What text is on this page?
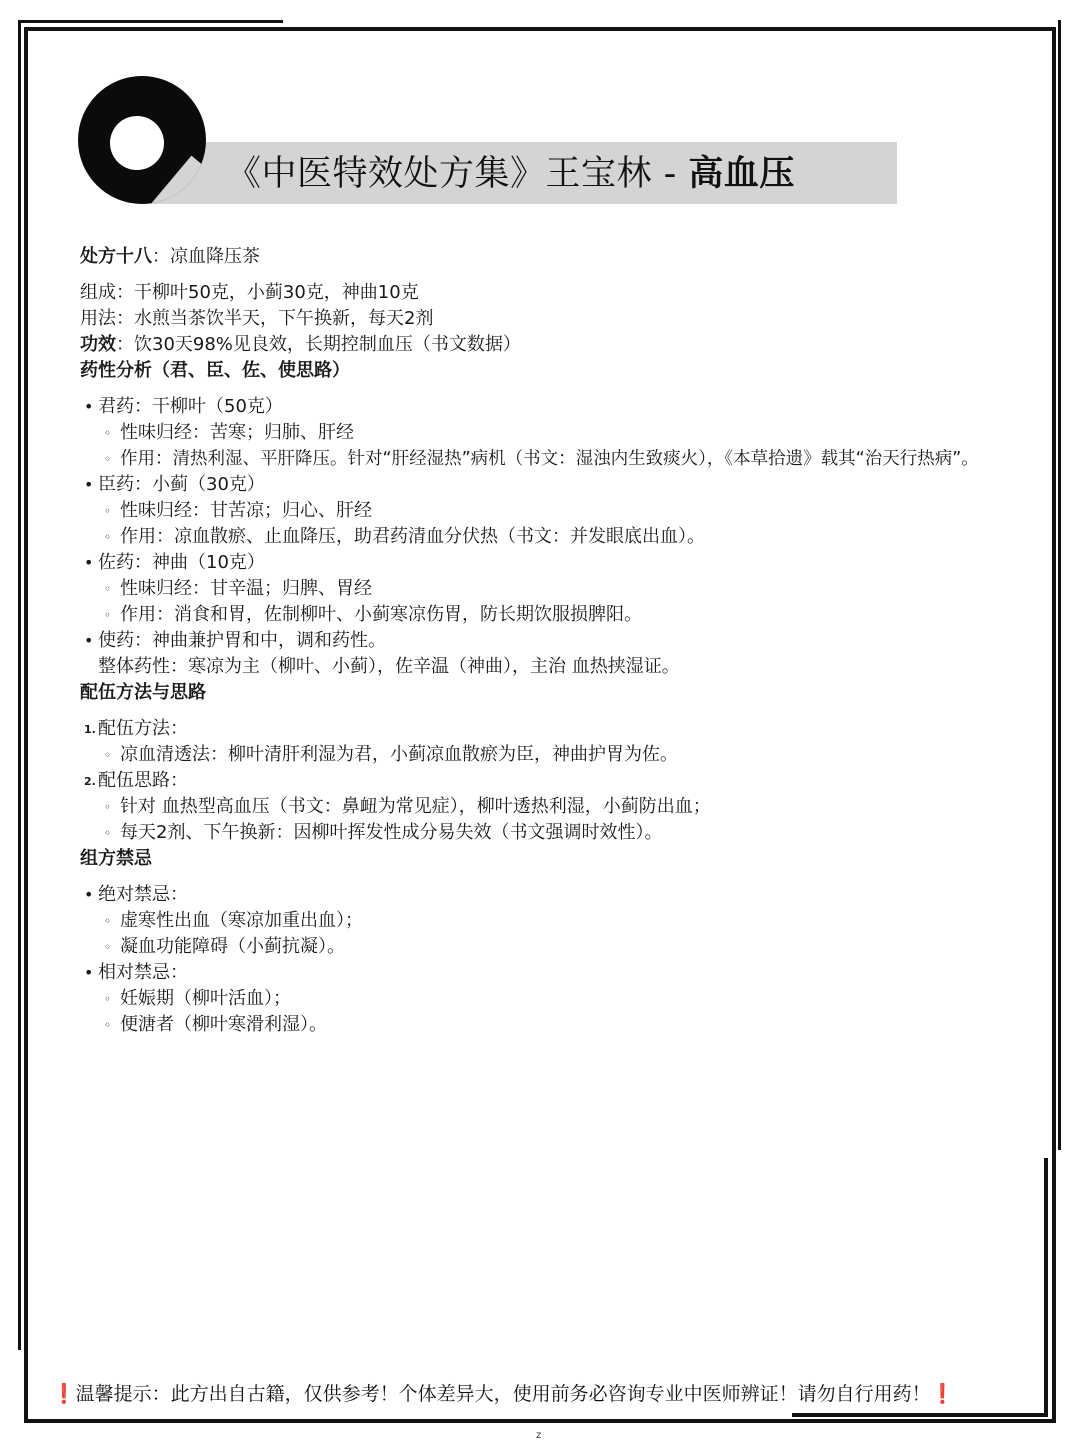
《中医特效处方集》王宝林 - 高血压
处方十八：凉血降压茶
组成：干柳叶50克，小蓟30克，神曲10克
用法：水煎当茶饮半天，下午换新，每天2剂
功效：饮30天98%见良效，长期控制血压（书文数据）
药性分析（君、臣、佐、使思路）
• 君药：干柳叶（50克）
◦ 性味归经：苦寒；归肺、肝经
◦ 作用：清热利湿、平肝降压。针对“肝经湿热”病机（书文：湿浊内生致痰火），《本草拾遗》载其“治天行热病”。
• 臣药：小蓟（30克）
◦ 性味归经：甘苦凉；归心、肝经
◦ 作用：凉血散瘀、止血降压，助君药清血分伏热（书文：并发眼底出血）。
• 佐药：神曲（10克）
◦ 性味归经：甘辛温；归脾、胃经
◦ 作用：消食和胃，佐制柳叶、小蓟寒凉伤胃，防长期饮服损脾阳。
• 使药：神曲兼护胃和中，调和药性。
整体药性：寒凉为主（柳叶、小蓟），佐辛温（神曲），主治 血热挟湿证。
配伍方法与思路
1. 配伍方法：
◦ 凉血清透法：柳叶清肝利湿为君，小蓟凉血散瘀为臣，神曲护胃为佐。
2. 配伍思路：
◦ 针对 血热型高血压（书文：鼻衄为常见症），柳叶透热利湿，小蓟防出血；
◦ 每天2剂、下午换新：因柳叶挥发性成分易失效（书文强调时效性）。
组方禁忌
• 绝对禁忌：
◦ 虚寒性出血（寒凉加重出血）；
◦ 凝血功能障碍（小蓟抗凝）。
• 相对禁忌：
◦ 妊娠期（柳叶活血）；
◦ 便溏者（柳叶寒滑利湿）。
❗温馨提示：此方出自古籍，仅供参考！个体差异大，使用前务必咨询专业中医师辨证！请勿自行用药！❗
z
